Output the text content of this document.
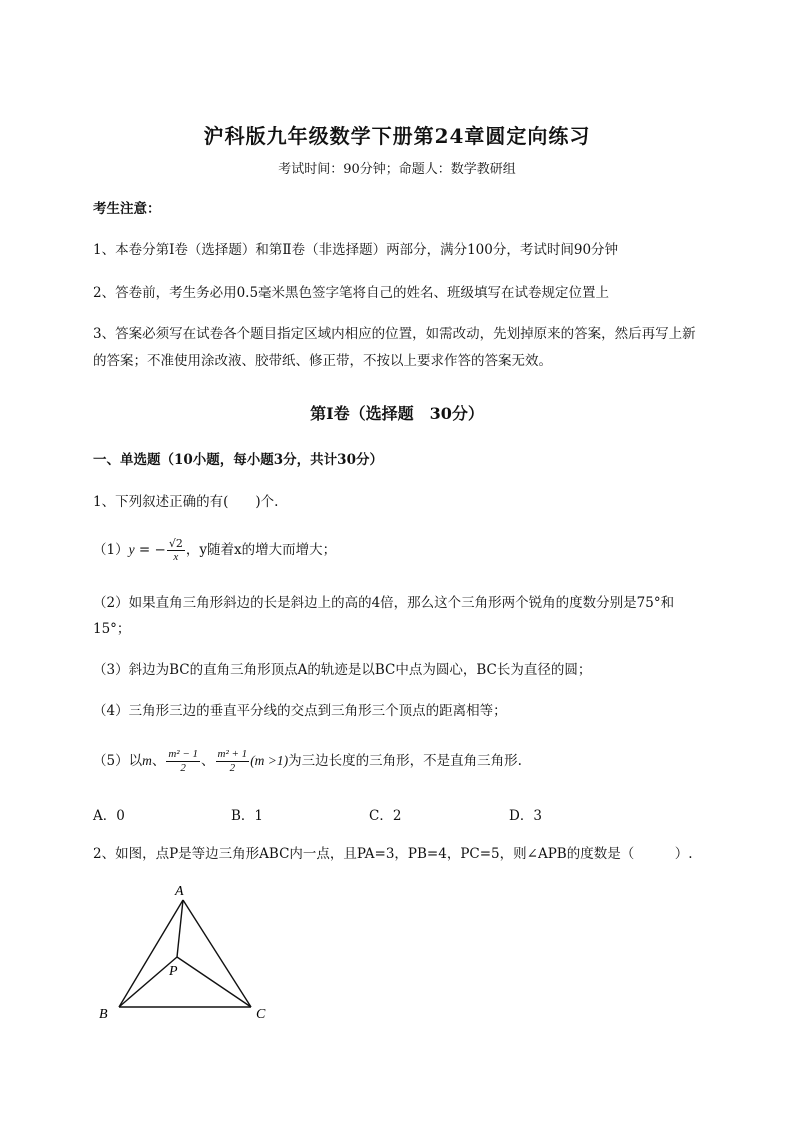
沪科版九年级数学下册第24章圆定向练习
考试时间：90分钟；命题人：数学教研组
考生注意：
1、本卷分第I卷（选择题）和第Ⅱ卷（非选择题）两部分，满分100分，考试时间90分钟
2、答卷前，考生务必用0.5毫米黑色签字笔将自己的姓名、班级填写在试卷规定位置上
3、答案必须写在试卷各个题目指定区域内相应的位置，如需改动，先划掉原来的答案，然后再写上新
的答案；不准使用涂改液、胶带纸、修正带，不按以上要求作答的答案无效。
第I卷（选择题　30分）
一、单选题（10小题，每小题3分，共计30分）
1、下列叙述正确的有(　　)个.
（1）y = − $\frac{√2}{x}$ ，y随着x的增大而增大；
（2）如果直角三角形斜边的长是斜边上的高的4倍，那么这个三角形两个锐角的度数分别是75°和
15°；
（3）斜边为BC的直角三角形顶点A的轨迹是以BC中点为圆心，BC长为直径的圆；
（4）三角形三边的垂直平分线的交点到三角形三个顶点的距离相等；
（5）以m、 $\frac{\text{m² − 1}}{2}$ 、 $\frac{\text{m² + 1}}{2} (m >1)$为三边长度的三角形，不是直角三角形.
A．0	B．1	C．2	D．3
2、如图，点P是等边三角形ABC内一点，且PA=3，PB=4，PC=5，则∠APB的度数是（　　　）.
A
P
B	C
